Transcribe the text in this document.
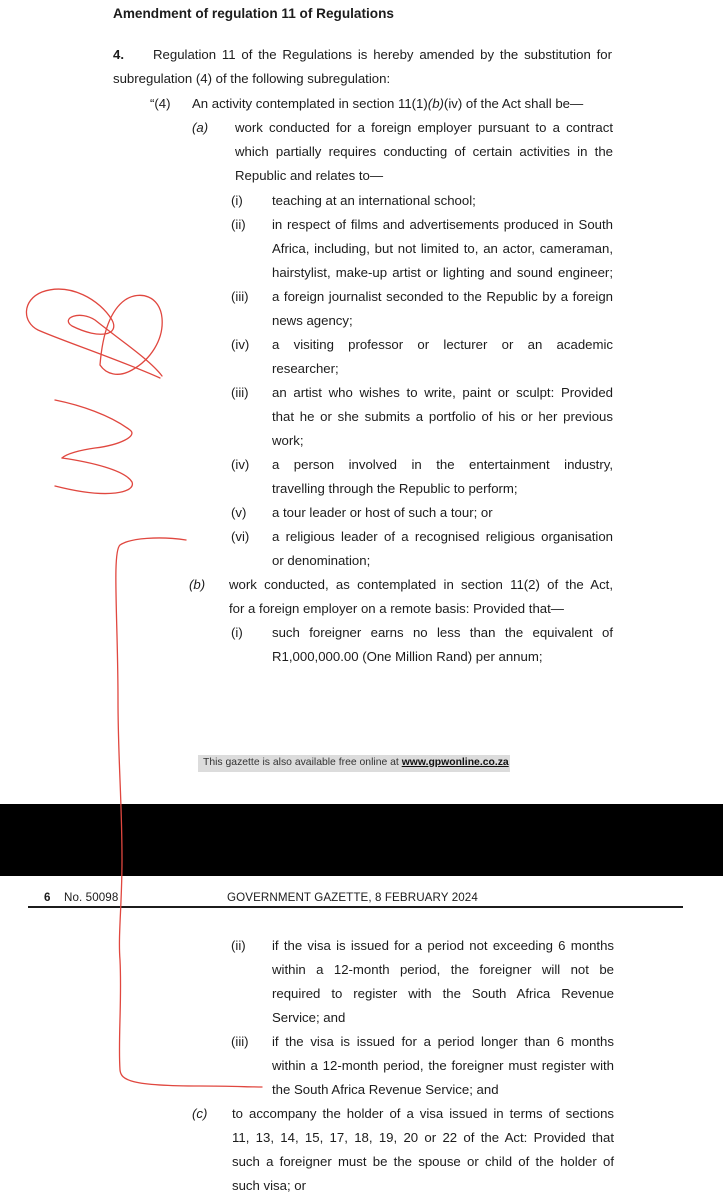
Amendment of regulation 11 of Regulations
4. Regulation 11 of the Regulations is hereby amended by the substitution for
subregulation (4) of the following subregulation:
“(4) An activity contemplated in section 11(1)(b)(iv) of the Act shall be—
(a) work conducted for a foreign employer pursuant to a contract
which partially requires conducting of certain activities in the
Republic and relates to—
(i) teaching at an international school;
(ii) in respect of films and advertisements produced in South
Africa, including, but not limited to, an actor, cameraman,
hairstylist, make-up artist or lighting and sound engineer;
(iii) a foreign journalist seconded to the Republic by a foreign
news agency;
(iv) a visiting professor or lecturer or an academic
researcher;
(iii) an artist who wishes to write, paint or sculpt: Provided
that he or she submits a portfolio of his or her previous
work;
(iv) a person involved in the entertainment industry,
travelling through the Republic to perform;
(v) a tour leader or host of such a tour; or
(vi) a religious leader of a recognised religious organisation
or denomination;
(b) work conducted, as contemplated in section 11(2) of the Act,
for a foreign employer on a remote basis: Provided that—
(i) such foreigner earns no less than the equivalent of
R1,000,000.00 (One Million Rand) per annum;
This gazette is also available free online at www.gpwonline.co.za
6 No. 50098	GOVERNMENT GAZETTE, 8 FEBRUARY 2024
(ii) if the visa is issued for a period not exceeding 6 months
within a 12-month period, the foreigner will not be
required to register with the South Africa Revenue
Service; and
(iii) if the visa is issued for a period longer than 6 months
within a 12-month period, the foreigner must register with
the South Africa Revenue Service; and
(c) to accompany the holder of a visa issued in terms of sections
11, 13, 14, 15, 17, 18, 19, 20 or 22 of the Act: Provided that
such a foreigner must be the spouse or child of the holder of
such visa; or
